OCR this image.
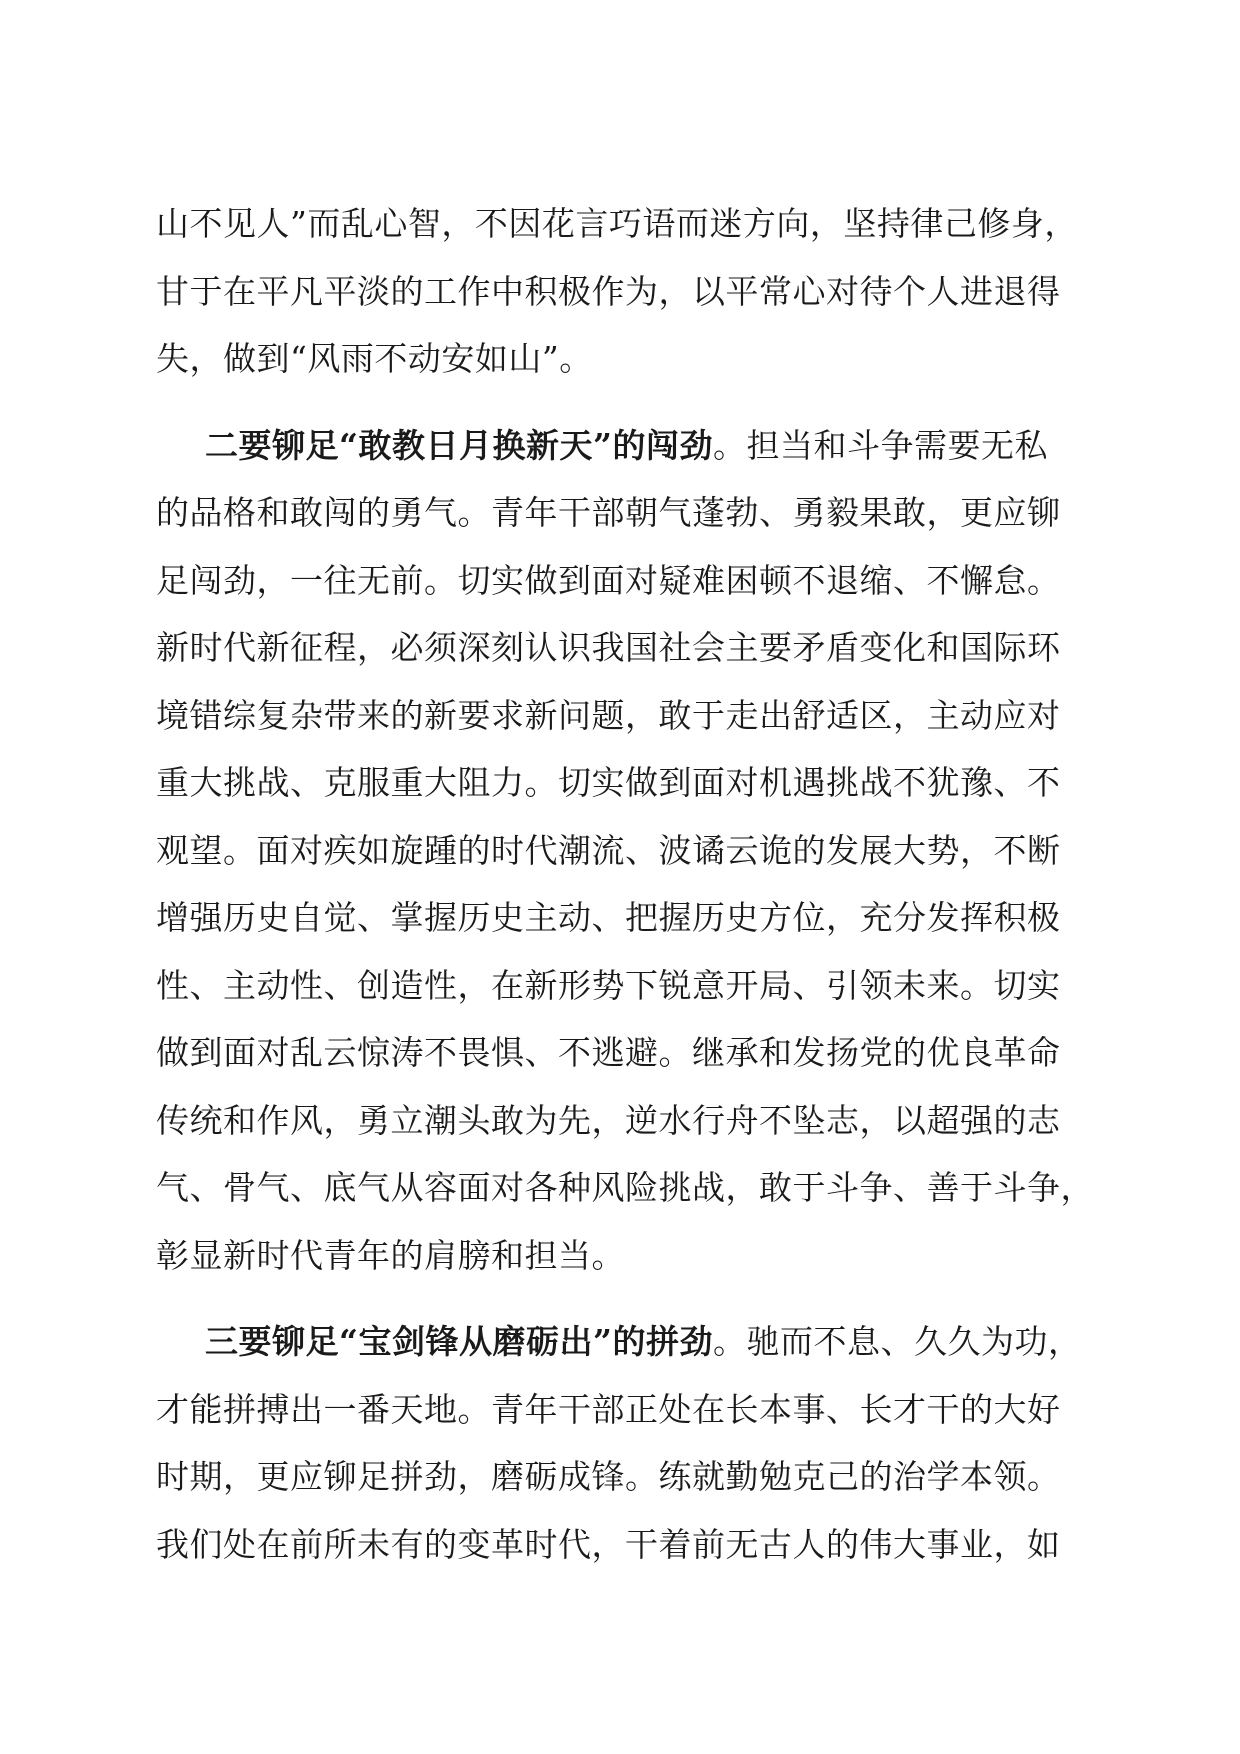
山不见人”而乱心智，不因花言巧语而迷方向，坚持律己修身，
甘于在平凡平淡的工作中积极作为，以平常心对待个人进退得
失，做到“风雨不动安如山”。
二要铆足“敢教日月换新天”的闯劲。担当和斗争需要无私
的品格和敢闯的勇气。青年干部朝气蓬勃、勇毅果敢，更应铆
足闯劲，一往无前。切实做到面对疑难困顿不退缩、不懈怠。
新时代新征程，必须深刻认识我国社会主要矛盾变化和国际环
境错综复杂带来的新要求新问题，敢于走出舒适区，主动应对
重大挑战、克服重大阻力。切实做到面对机遇挑战不犹豫、不
观望。面对疾如旋踵的时代潮流、波谲云诡的发展大势，不断
增强历史自觉、掌握历史主动、把握历史方位，充分发挥积极
性、主动性、创造性，在新形势下锐意开局、引领未来。切实
做到面对乱云惊涛不畏惧、不逃避。继承和发扬党的优良革命
传统和作风，勇立潮头敢为先，逆水行舟不坠志，以超强的志
气、骨气、底气从容面对各种风险挑战，敢于斗争、善于斗争，
彰显新时代青年的肩膀和担当。
三要铆足“宝剑锋从磨砺出”的拼劲。驰而不息、久久为功，
才能拼搏出一番天地。青年干部正处在长本事、长才干的大好
时期，更应铆足拼劲，磨砺成锋。练就勤勉克己的治学本领。
我们处在前所未有的变革时代，干着前无古人的伟大事业，如
